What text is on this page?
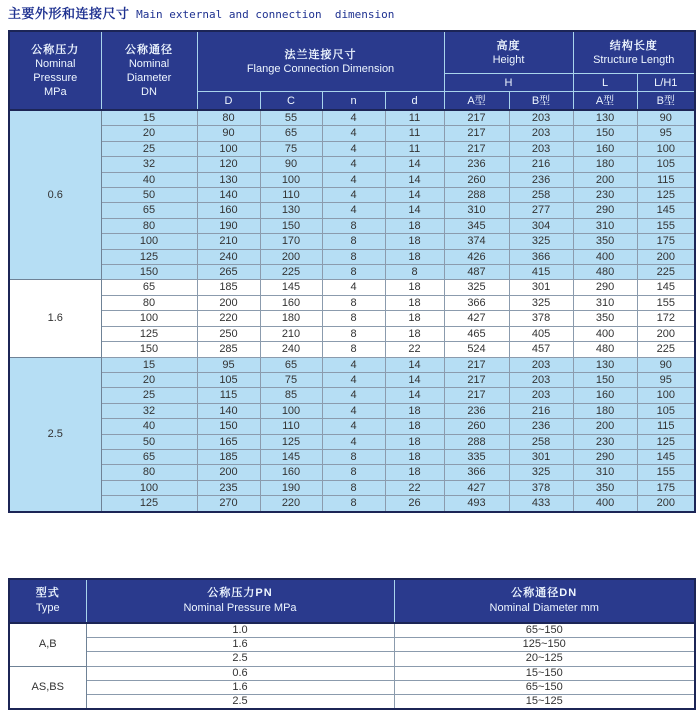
主要外形和连接尺寸 Main external and connection  dimension
公称压力
Nominal
Pressure
MPa	公称通径
Nominal
Diameter
DN	法兰连接尺寸
Flange Connection Dimension				高度
Height		结构长度
Structure Length	

						H		L	L/H1
		D	C	n	d	A型	B型	A型	B型
0.6	15	80	55	4	11	217	203	130	90
	20	90	65	4	11	217	203	150	95
	25	100	75	4	11	217	203	160	100
	32	120	90	4	14	236	216	180	105
	40	130	100	4	14	260	236	200	115
	50	140	110	4	14	288	258	230	125
	65	160	130	4	14	310	277	290	145
	80	190	150	8	18	345	304	310	155
	100	210	170	8	18	374	325	350	175
	125	240	200	8	18	426	366	400	200
	150	265	225	8	8	487	415	480	225
1.6	65	185	145	4	18	325	301	290	145
	80	200	160	8	18	366	325	310	155
	100	220	180	8	18	427	378	350	172
	125	250	210	8	18	465	405	400	200
	150	285	240	8	22	524	457	480	225
2.5	15	95	65	4	14	217	203	130	90
	20	105	75	4	14	217	203	150	95
	25	115	85	4	14	217	203	160	100
	32	140	100	4	18	236	216	180	105
	40	150	110	4	18	260	236	200	115
	50	165	125	4	18	288	258	230	125
	65	185	145	8	18	335	301	290	145
	80	200	160	8	18	366	325	310	155
	100	235	190	8	22	427	378	350	175
	125	270	220	8	26	493	433	400	200
型式
Type	公称压力PN
Nominal Pressure MPa	公称通径DN
Nominal Diameter mm

A,B	1.0	65~150
	1.6	125~150
	2.5	20~125
AS,BS	0.6	15~150
	1.6	65~150
	2.5	15~125
